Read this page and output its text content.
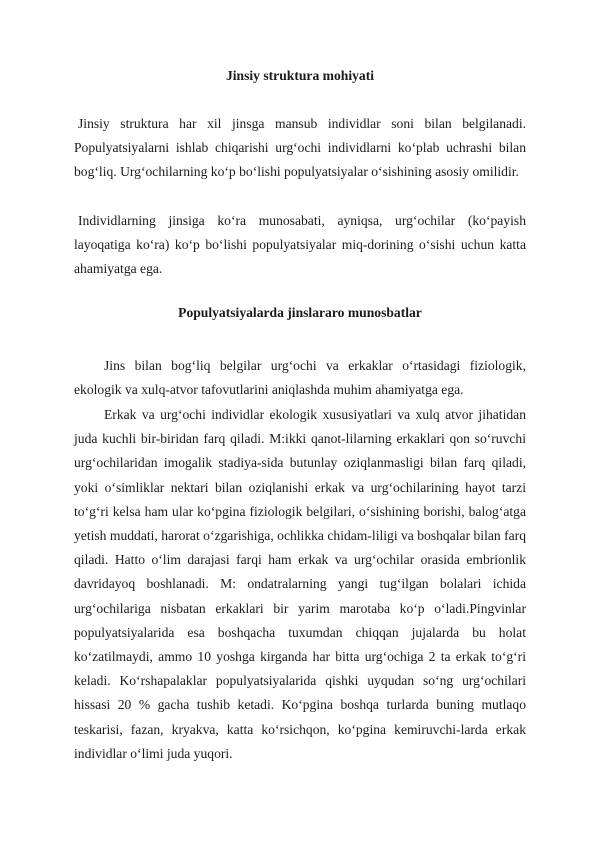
Jinsiy struktura mohiyati

Jinsiy struktura har xil jinsga mansub individlar soni bilan belgilanadi. Populyatsiyalarni ishlab chiqarishi urg‘ochi individlarni ko‘plab uchrashi bilan bog‘liq. Urg‘ochilarning ko‘p bo‘lishi populyatsiyalar o‘sishining asosiy omilidir.

Individlarning jinsiga ko‘ra munosabati, ayniqsa, urg‘ochilar (ko‘payish layoqatiga ko‘ra) ko‘p bo‘lishi populyatsiyalar miq-dorining o‘sishi uchun katta ahamiyatga ega.

Populyatsiyalarda jinslararo munosbatlar

Jins bilan bog‘liq belgilar urg‘ochi va erkaklar o‘rtasidagi fiziologik, ekologik va xulq-atvor tafovutlarini aniqlashda muhim ahamiyatga ega.

Erkak va urg‘ochi individlar ekologik xususiyatlari va xulq atvor jihatidan juda kuchli bir-biridan farq qiladi. M:ikki qanot-lilarning erkaklari qon so‘ruvchi urg‘ochilaridan imogalik stadiya-sida butunlay oziqlanmasligi bilan farq qiladi, yoki o‘simliklar nektari bilan oziqlanishi erkak va urg‘ochilarining hayot tarzi to‘g‘ri kelsa ham ular ko‘pgina fiziologik belgilari, o‘sishining borishi, balog‘atga yetish muddati, harorat o‘zgarishiga, ochlikka chidam-liligi va boshqalar bilan farq qiladi. Hatto o‘lim darajasi farqi ham erkak va urg‘ochilar orasida embrionlik davridayoq boshlanadi. M: ondatralarning yangi tug‘ilgan bolalari ichida urg‘ochilariga nisbatan erkaklari bir yarim marotaba ko‘p o‘ladi.Pingvinlar populyatsiyalarida esa boshqacha tuxumdan chiqqan jujalarda bu holat ko‘zatilmaydi, ammo 10 yoshga kirganda har bitta urg‘ochiga 2 ta erkak to‘g‘ri keladi. Ko‘rshapalaklar populyatsiyalarida qishki uyqudan so‘ng urg‘ochilari hissasi 20 % gacha tushib ketadi. Ko‘pgina boshqa turlarda buning mutlaqo teskarisi, fazan, kryakva, katta ko‘rsichqon, ko‘pgina kemiruvchi-larda erkak individlar o‘limi juda yuqori.
